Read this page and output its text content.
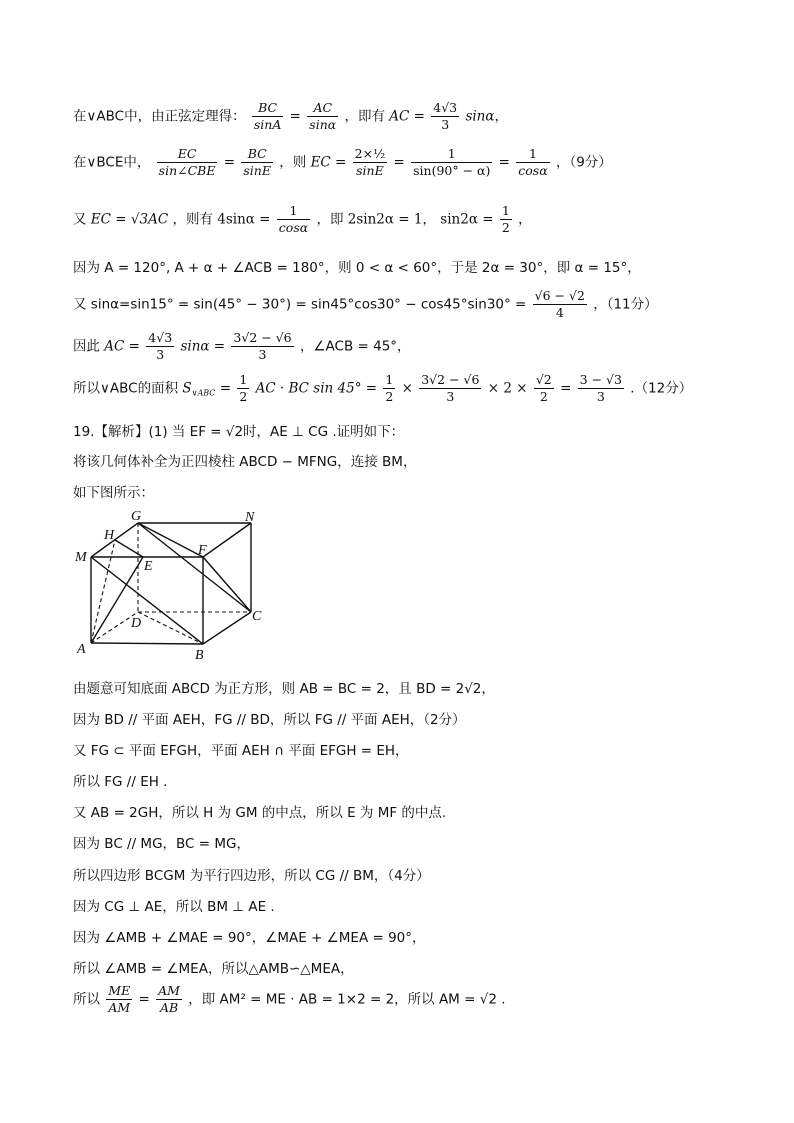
在∨ABC中，由正弦定理得： $\frac{BC}{\sin A} = \frac{AC}{\sin\alpha}$ ，即有 AC = $\frac{4√3}{3}$ sinα，
在∨BCE中， $\frac{EC}{\text{sin∠CBE}} = \frac{BC}{\sin E}$ ，则 EC = $\frac{\text{2×½}}{\sin E} = \frac{1}{\sin(90^\circ - \alpha)} = \frac{1}{\cos\alpha}$ ，（9分）
又 EC = √3AC ，则有 $4\sin\alpha = \frac{1}{\cos\alpha}$ ，即 2sin2α = 1， $\sin 2\alpha = \frac{1}{2}$ ，
因为 A = 120°, A + α + ∠ACB = 180°，则 0 < α < 60°，于是 2α = 30°，即 α = 15°，
又 $\sin\alpha=\sin 15^\circ = \sin(45^\circ - 30^\circ) = \sin 45^\circ\cos 30^\circ - \cos 45^\circ\sin 30^\circ = \frac{√6 - √2}{4}$ ，（11分）
因此 AC = $\frac{4√3}{3}$ $\sin\alpha = \frac{3√2 - √6}{3}$ ，∠ACB = 45°，
所以∨ABC的面积 $S_{\vee ABC} = \frac{1}{2}$ AC · BC $\sin 45^\circ = \frac{1}{2} \times \frac{3√2 - √6}{3} \times 2 \times \frac{√2}{2} = \frac{3 - √3}{3} .(12$分）
19.【解析】(1) 当 EF = √2时，AE ⊥ CG .证明如下：
将该几何体补全为正四棱柱 ABCD − MFNG，连接 BM，
如下图所示：
G	N
H
F
M
E
C
D
A	B
由题意可知底面 ABCD 为正方形，则 AB = BC = 2，且 BD = 2√2，
因为 BD // 平面 AEH，FG // BD，所以 FG // 平面 AEH，（2分）
又 FG ⊂ 平面 EFGH，平面 AEH ∩ 平面 EFGH = EH，
所以 FG // EH .
又 AB = 2GH，所以 H 为 GM 的中点，所以 E 为 MF 的中点.
因为 BC // MG，BC = MG，
所以四边形 BCGM 为平行四边形，所以 CG // BM，（4分）
因为 CG ⊥ AE，所以 BM ⊥ AE .
因为 ∠AMB + ∠MAE = 90°，∠MAE + ∠MEA = 90°，
所以 ∠AMB = ∠MEA，所以△AMB∽△MEA，
所以 $\frac{ME}{AM} = \frac{AM}{AB}$ ，即 AM² = ME · AB = 1×2 = 2，所以 AM = √2 .
